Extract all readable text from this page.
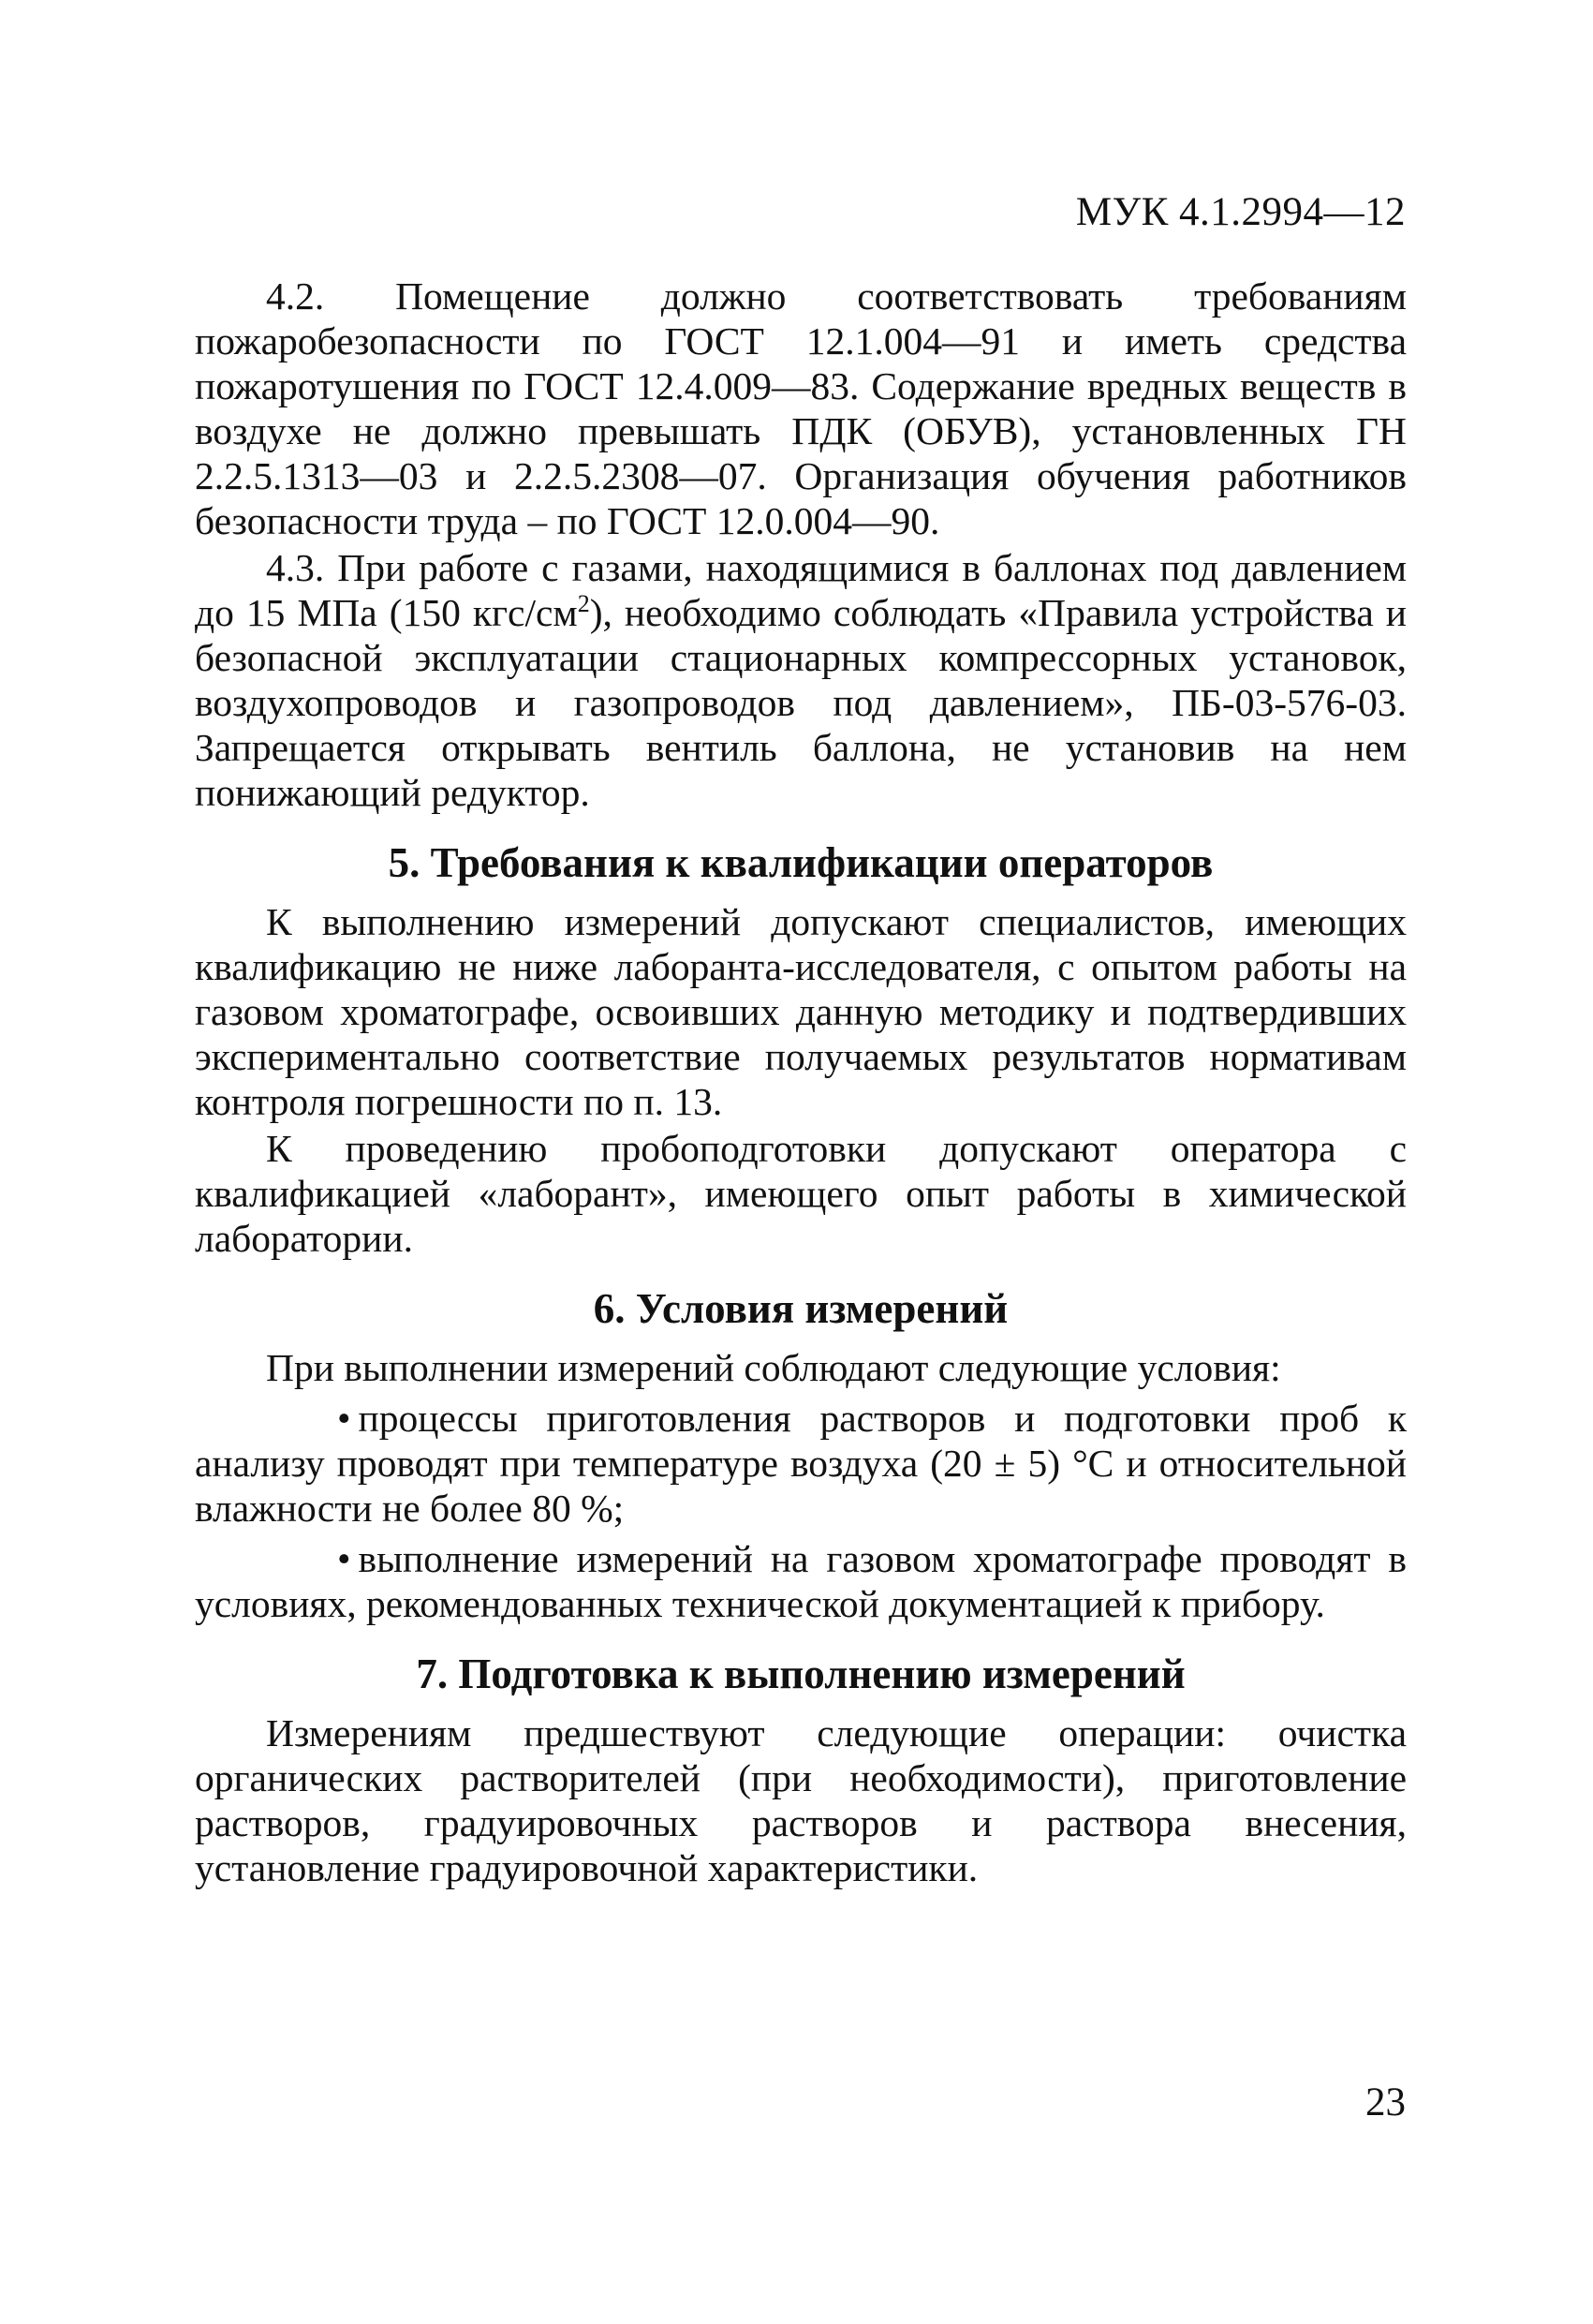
МУК 4.1.2994—12

4.2. Помещение должно соответствовать требованиям пожаробезопасности по ГОСТ 12.1.004—91 и иметь средства пожаротушения по ГОСТ 12.4.009—83. Содержание вредных веществ в воздухе не должно превышать ПДК (ОБУВ), установленных ГН 2.2.5.1313—03 и 2.2.5.2308—07. Организация обучения работников безопасности труда – по ГОСТ 12.0.004—90.

4.3. При работе с газами, находящимися в баллонах под давлением до 15 МПа (150 кгс/$см^2$), необходимо соблюдать «Правила устройства и безопасной эксплуатации стационарных компрессорных установок, воздухопроводов и газопроводов под давлением», ПБ-03-576-03. Запрещается открывать вентиль баллона, не установив на нем понижающий редуктор.

5. Требования к квалификации операторов

К выполнению измерений допускают специалистов, имеющих квалификацию не ниже лаборанта-исследователя, с опытом работы на газовом хроматографе, освоивших данную методику и подтвердивших экспериментально соответствие получаемых результатов нормативам контроля погрешности по п. 13.

К проведению пробоподготовки допускают оператора с квалификацией «лаборант», имеющего опыт работы в химической лаборатории.

6. Условия измерений

При выполнении измерений соблюдают следующие условия:

• процессы приготовления растворов и подготовки проб к анализу проводят при температуре воздуха (20 ± 5) °С и относительной влажности не более 80 %;

• выполнение измерений на газовом хроматографе проводят в условиях, рекомендованных технической документацией к прибору.

7. Подготовка к выполнению измерений

Измерениям предшествуют следующие операции: очистка органических растворителей (при необходимости), приготовление растворов, градуировочных растворов и раствора внесения, установление градуировочной характеристики.

23
